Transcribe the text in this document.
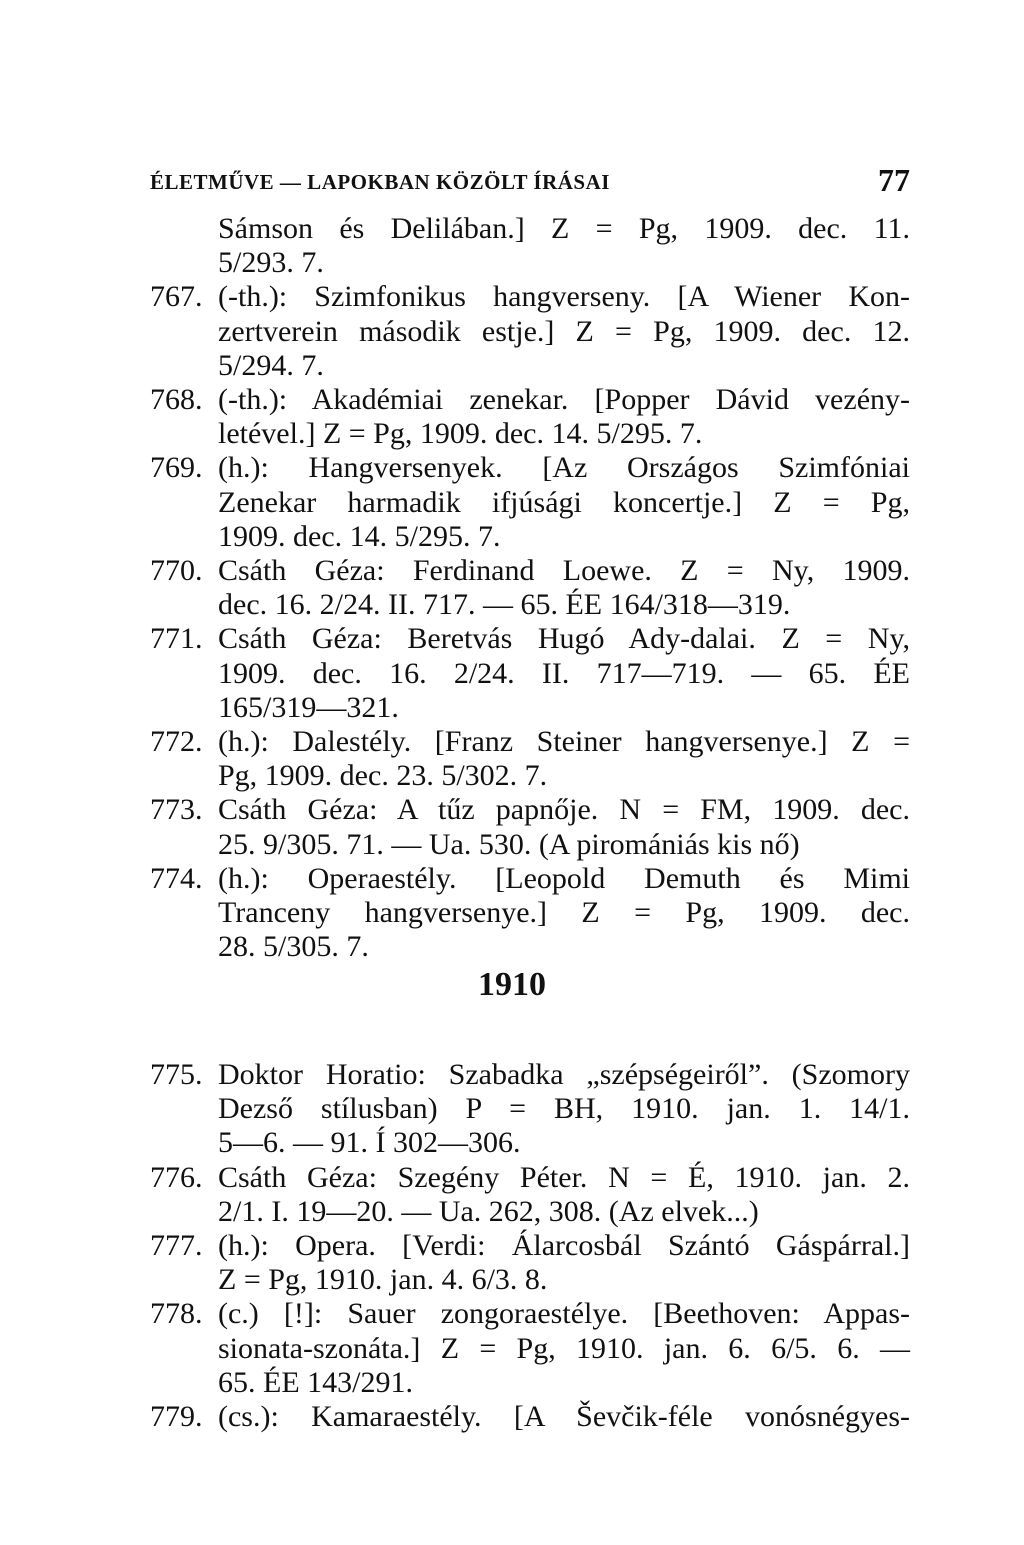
ÉLETMŰVE — LAPOKBAN KÖZÖLT ÍRÁSAI	77
Sámson és Delilában.] Z = Pg, 1909. dec. 11.
5/293. 7.
767. (-th.): Szimfonikus hangverseny. [A Wiener Kon-
zertverein második estje.] Z = Pg, 1909. dec. 12.
5/294. 7.
768. (-th.): Akadémiai zenekar. [Popper Dávid vezény-
letével.] Z = Pg, 1909. dec. 14. 5/295. 7.
769. (h.): Hangversenyek. [Az Országos Szimfóniai
Zenekar harmadik ifjúsági koncertje.] Z = Pg,
1909. dec. 14. 5/295. 7.
770. Csáth Géza: Ferdinand Loewe. Z = Ny, 1909.
dec. 16. 2/24. II. 717. — 65. ÉE 164/318—319.
771. Csáth Géza: Beretvás Hugó Ady-dalai. Z = Ny,
1909. dec. 16. 2/24. II. 717—719. — 65. ÉE
165/319—321.
772. (h.): Dalestély. [Franz Steiner hangversenye.] Z =
Pg, 1909. dec. 23. 5/302. 7.
773. Csáth Géza: A tűz papnője. N = FM, 1909. dec.
25. 9/305. 71. — Ua. 530. (A piromániás kis nő)
774. (h.): Operaestély. [Leopold Demuth és Mimi
Tranceny hangversenye.] Z = Pg, 1909. dec.
28. 5/305. 7.
1910
775. Doktor Horatio: Szabadka „szépségeiről”. (Szomory
Dezső stílusban) P = BH, 1910. jan. 1. 14/1.
5—6. — 91. Í 302—306.
776. Csáth Géza: Szegény Péter. N = É, 1910. jan. 2.
2/1. I. 19—20. — Ua. 262, 308. (Az elvek...)
777. (h.): Opera. [Verdi: Álarcosbál Szántó Gáspárral.]
Z = Pg, 1910. jan. 4. 6/3. 8.
778. (c.) [!]: Sauer zongoraestélye. [Beethoven: Appas-
sionata-szonáta.] Z = Pg, 1910. jan. 6. 6/5. 6. —
65. ÉE 143/291.
779. (cs.): Kamaraestély. [A Ševčik-féle vonósnégyes-
